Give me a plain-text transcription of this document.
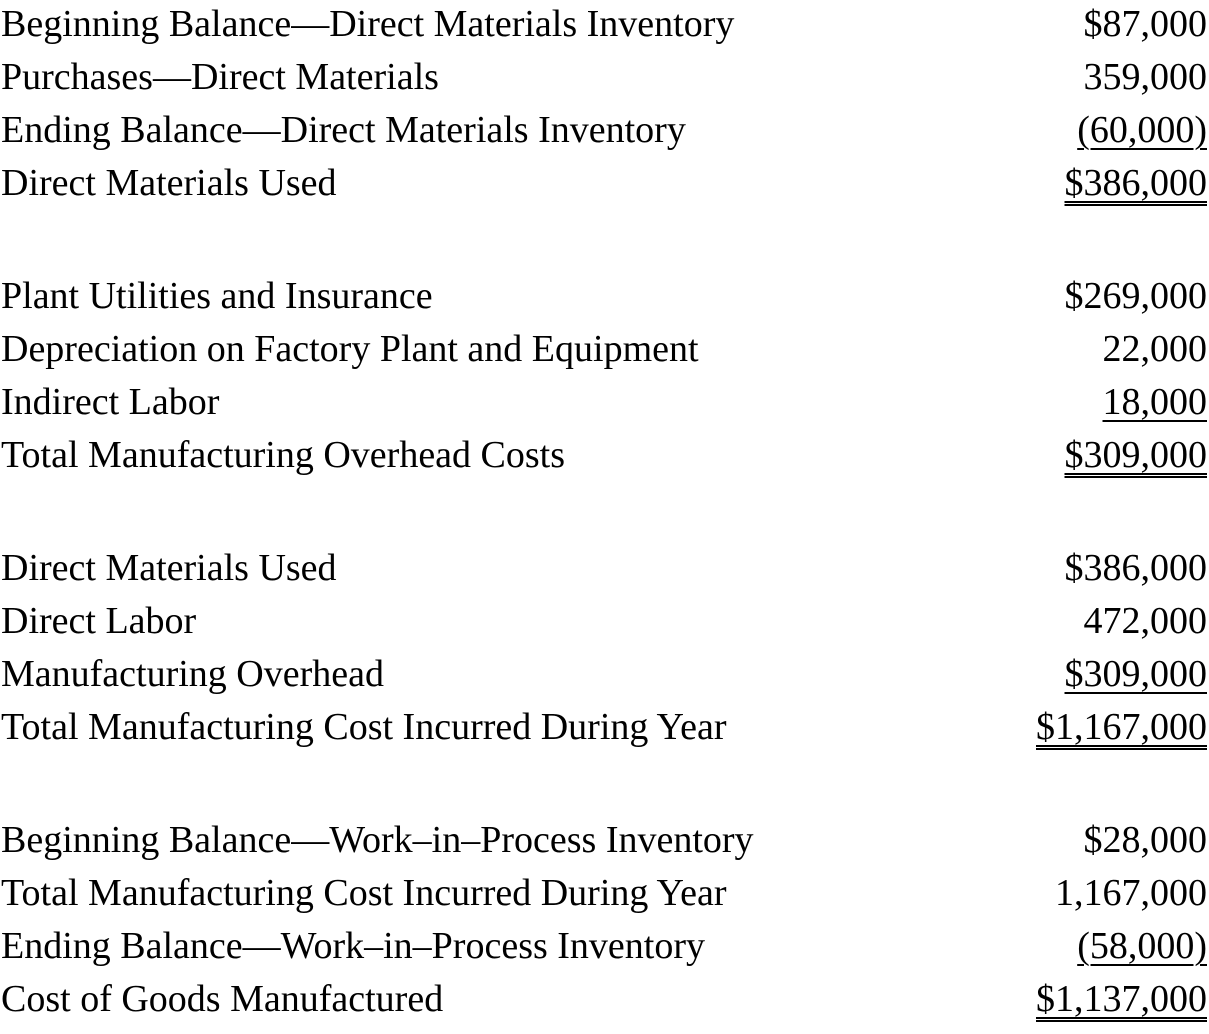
Beginning Balance—Direct Materials Inventory	$87,000
Purchases—Direct Materials	359,000
Ending Balance—Direct Materials Inventory	(60,000)
Direct Materials Used	$386,000
Plant Utilities and Insurance	$269,000
Depreciation on Factory Plant and Equipment	22,000
Indirect Labor	18,000
Total Manufacturing Overhead Costs	$309,000
Direct Materials Used	$386,000
Direct Labor	472,000
Manufacturing Overhead	$309,000
Total Manufacturing Cost Incurred During Year	$1,167,000
Beginning Balance—Work–in–Process Inventory	$28,000
Total Manufacturing Cost Incurred During Year	1,167,000
Ending Balance—Work–in–Process Inventory	(58,000)
Cost of Goods Manufactured	$1,137,000
